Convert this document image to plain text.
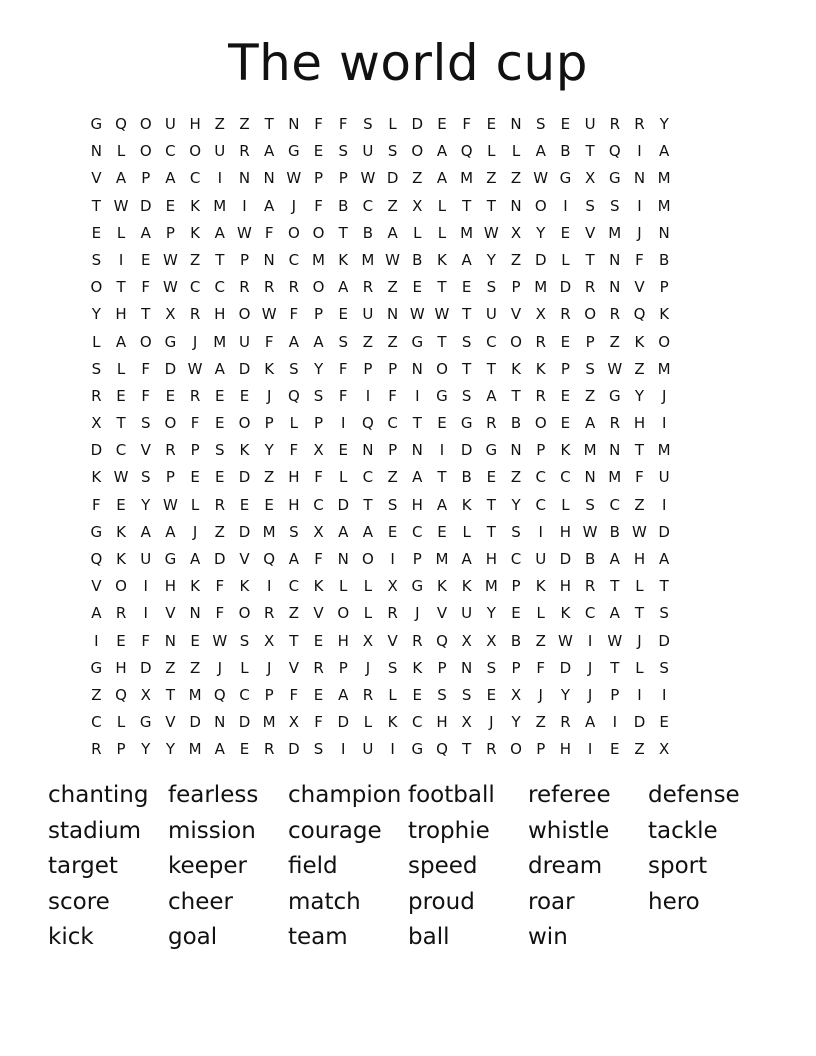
The world cup
G Q O U H Z Z T N F	F	S	L D E	F	E N S	E U R R Y
N L O C O U R A G E	S U S O A Q L	L	A B T Q	I	A
V A	P	A C	I	N N W P	P W D Z A M Z Z W G X G N M
T W D E	K M	I	A	J	F	B C Z X	L	T	T N O	I	S	S	I	M
E	L	A	P	K A W F O O T B A	L	L M W X Y	E V M	J	N
S	I	E W Z T	P N C M K M W B K A Y Z D L	T N F	B
O T	F W C C R R R O A R Z E	T	E	S	P M D R N V	P
Y H T X R H O W F	P	E U N W W T U V X R O R Q K
L	A O G	J	M U F	A A S Z Z G T	S C O R E	P	Z K O
S	L	F D W A D K	S	Y	F	P	P N O T	T	K K	P	S W Z M
R E	F	E R E	E	J	Q S	F	I	F	I	G S A T R E Z G Y	J
X T	S O F	E O P	L	P	I	Q C T	E G R B O E A R H	I
D C V R P	S	K	Y	F	X E N P N	I	D G N P	K M N T M
K W S	P	E	E D Z H F	L	C Z A T B E Z C C N M F U
F	E	Y W L	R E	E H C D T	S H A K	T	Y C	L	S C Z	I
G K A A	J	Z D M S X A A E C E	L	T	S	I	H W B W D
Q K U G A D V Q A	F N O	I	P M A H C U D B A H A
V O	I	H K	F	K	I	C K	L	L	X G K K M P	K H R T	L	T
A R	I	V N F O R Z V O L	R	J	V U Y	E	L	K C A T	S
I	E	F N E W S X T	E H X V R Q X X B Z W	I	W	J	D
G H D Z Z	J	L	J	V R P	J	S	K	P N S	P	F D	J	T	L	S
Z Q X T M Q C P	F	E A R	L	E	S	S	E X	J	Y	J	P	I	I
C	L G V D N D M X	F D L	K C H X	J	Y Z R A	I	D E
R P	Y	Y M A E R D S	I	U	I	G Q T R O P H	I	E Z X
chanting fearless	champion football	referee	defense
stadium	mission	courage	trophie	whistle	tackle
target	keeper	field	speed	dream	sport
score	cheer	match	proud	roar	hero
kick	goal	team	ball	win
